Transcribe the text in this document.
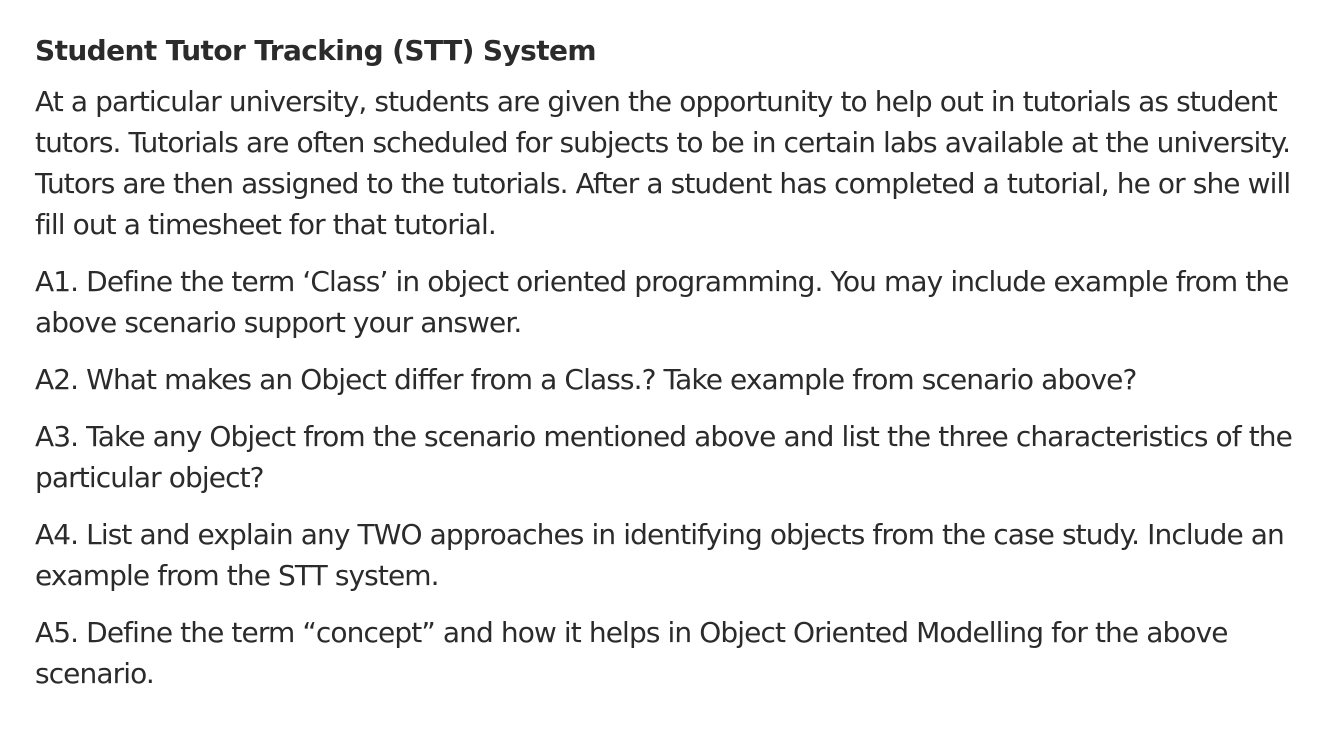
Student Tutor Tracking (STT) System

At a particular university, students are given the opportunity to help out in tutorials as student tutors. Tutorials are often scheduled for subjects to be in certain labs available at the university. Tutors are then assigned to the tutorials. After a student has completed a tutorial, he or she will fill out a timesheet for that tutorial.

A1. Define the term ‘Class’ in object oriented programming. You may include example from the above scenario support your answer.

A2. What makes an Object differ from a Class.? Take example from scenario above?

A3. Take any Object from the scenario mentioned above and list the three characteristics of the particular object?

A4. List and explain any TWO approaches in identifying objects from the case study. Include an example from the STT system.

A5. Define the term “concept” and how it helps in Object Oriented Modelling for the above scenario.
